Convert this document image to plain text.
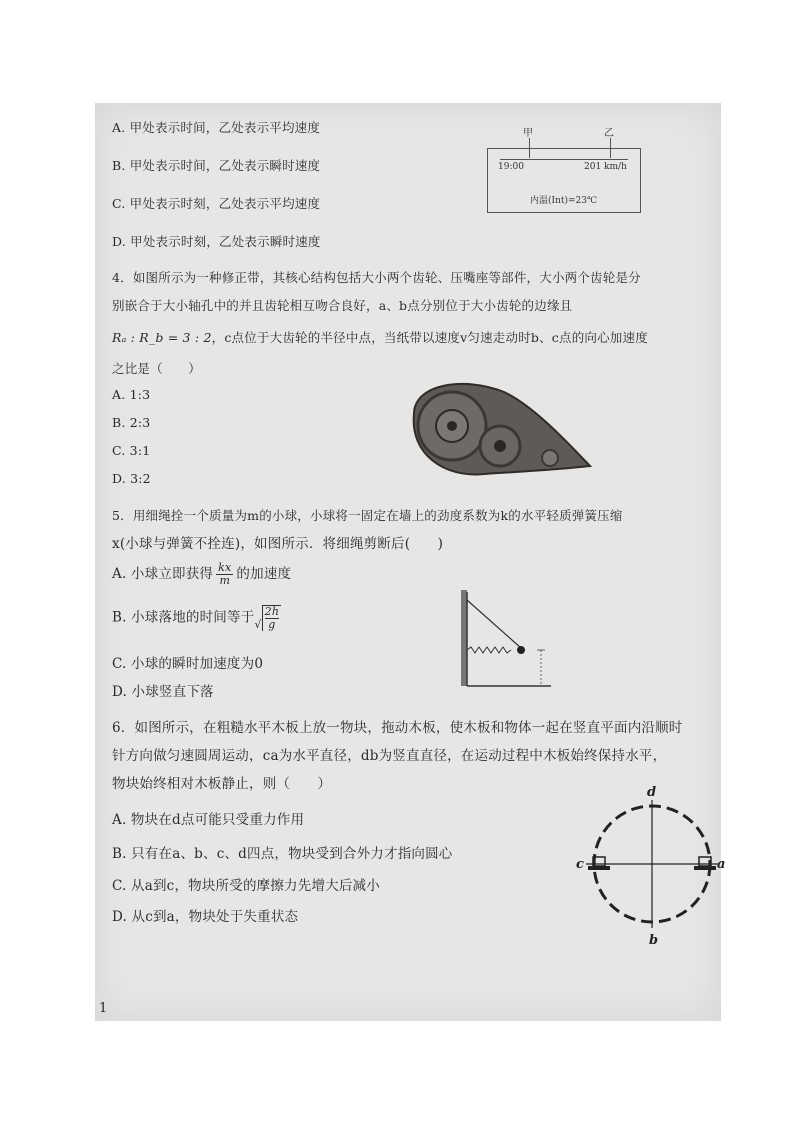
A. 甲处表示时间，乙处表示平均速度
B. 甲处表示时间，乙处表示瞬时速度
C. 甲处表示时刻，乙处表示平均速度
D. 甲处表示时刻，乙处表示瞬时速度
甲	乙
19:00	201 km/h
内温(Int)=23℃
4．如图所示为一种修正带，其核心结构包括大小两个齿轮、压嘴座等部件，大小两个齿轮是分
别嵌合于大小轴孔中的并且齿轮相互吻合良好，a、b点分别位于大小齿轮的边缘且
Rₐ : R_b = 3 : 2，c点位于大齿轮的半径中点，当纸带以速度v匀速走动时b、c点的向心加速度
之比是（　　）
A. 1:3
B. 2:3
C. 3:1
D. 3:2
5．用细绳拴一个质量为m的小球，小球将一固定在墙上的劲度系数为k的水平轻质弹簧压缩
x(小球与弹簧不拴连)，如图所示．将细绳剪断后(　　)
A. 小球立即获得 $\frac{kx}{m}$ 的加速度
B. 小球落地的时间等于√ $\frac{2h}{g}$
C. 小球的瞬时加速度为0
D. 小球竖直下落
6．如图所示，在粗糙水平木板上放一物块，拖动木板，使木板和物体一起在竖直平面内沿顺时
针方向做匀速圆周运动，ca为水平直径，db为竖直直径，在运动过程中木板始终保持水平，
物块始终相对木板静止，则（　　）
A. 物块在d点可能只受重力作用
B. 只有在a、b、c、d四点，物块受到合外力才指向圆心
C. 从a到c，物块所受的摩擦力先增大后减小
D. 从c到a，物块处于失重状态
d
b
c	a
1
